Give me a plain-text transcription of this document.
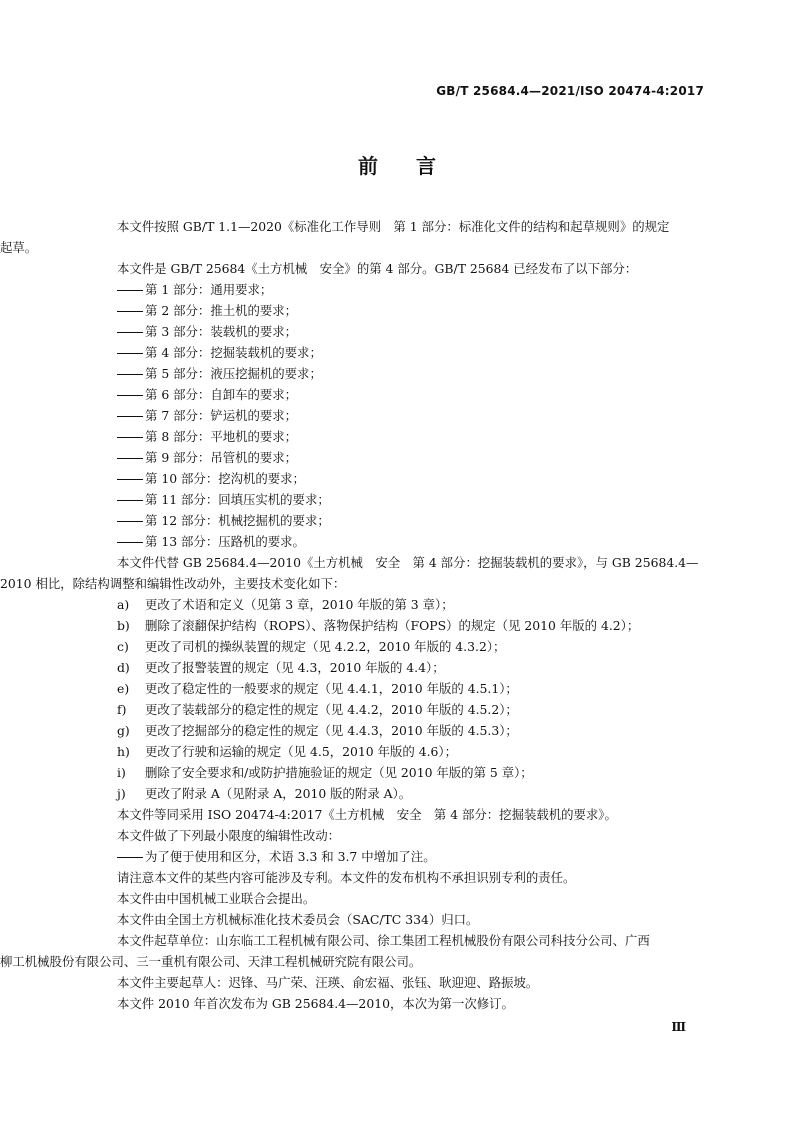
GB/T 25684.4—2021/ISO 20474-4:2017
前言

本文件按照 GB/T 1.1—2020《标准化工作导则　第 1 部分：标准化文件的结构和起草规则》的规定

起草。

本文件是 GB/T 25684《土方机械　安全》的第 4 部分。GB/T 25684 已经发布了以下部分：

第 1 部分：通用要求；

第 2 部分：推土机的要求；

第 3 部分：装载机的要求；

第 4 部分：挖掘装载机的要求；

第 5 部分：液压挖掘机的要求；

第 6 部分：自卸车的要求；

第 7 部分：铲运机的要求；

第 8 部分：平地机的要求；

第 9 部分：吊管机的要求；

第 10 部分：挖沟机的要求；

第 11 部分：回填压实机的要求；

第 12 部分：机械挖掘机的要求；

第 13 部分：压路机的要求。

本文件代替 GB 25684.4—2010《土方机械　安全　第 4 部分：挖掘装载机的要求》，与 GB 25684.4—

2010 相比，除结构调整和编辑性改动外，主要技术变化如下：

a)	更改了术语和定义（见第 3 章，2010 年版的第 3 章）；

b)	删除了滚翻保护结构（ROPS）、落物保护结构（FOPS）的规定（见 2010 年版的 4.2）；

c)	更改了司机的操纵装置的规定（见 4.2.2，2010 年版的 4.3.2）；

d)	更改了报警装置的规定（见 4.3，2010 年版的 4.4）；

e)	更改了稳定性的一般要求的规定（见 4.4.1，2010 年版的 4.5.1）；

f)	更改了装载部分的稳定性的规定（见 4.4.2，2010 年版的 4.5.2）；

g)	更改了挖掘部分的稳定性的规定（见 4.4.3，2010 年版的 4.5.3）；

h)	更改了行驶和运输的规定（见 4.5，2010 年版的 4.6）；

i)	删除了安全要求和/或防护措施验证的规定（见 2010 年版的第 5 章）；

j)	更改了附录 A（见附录 A，2010 版的附录 A）。

本文件等同采用 ISO 20474-4:2017《土方机械　安全　第 4 部分：挖掘装载机的要求》。

本文件做了下列最小限度的编辑性改动：

为了便于使用和区分，术语 3.3 和 3.7 中增加了注。

请注意本文件的某些内容可能涉及专利。本文件的发布机构不承担识别专利的责任。

本文件由中国机械工业联合会提出。

本文件由全国土方机械标准化技术委员会（SAC/TC 334）归口。

本文件起草单位：山东临工工程机械有限公司、徐工集团工程机械股份有限公司科技分公司、广西

柳工机械股份有限公司、三一重机有限公司、天津工程机械研究院有限公司。

本文件主要起草人：迟锋、马广荣、汪瑛、俞宏福、张钰、耿迎迎、路振坡。

本文件 2010 年首次发布为 GB 25684.4—2010，本次为第一次修订。

Ⅲ
